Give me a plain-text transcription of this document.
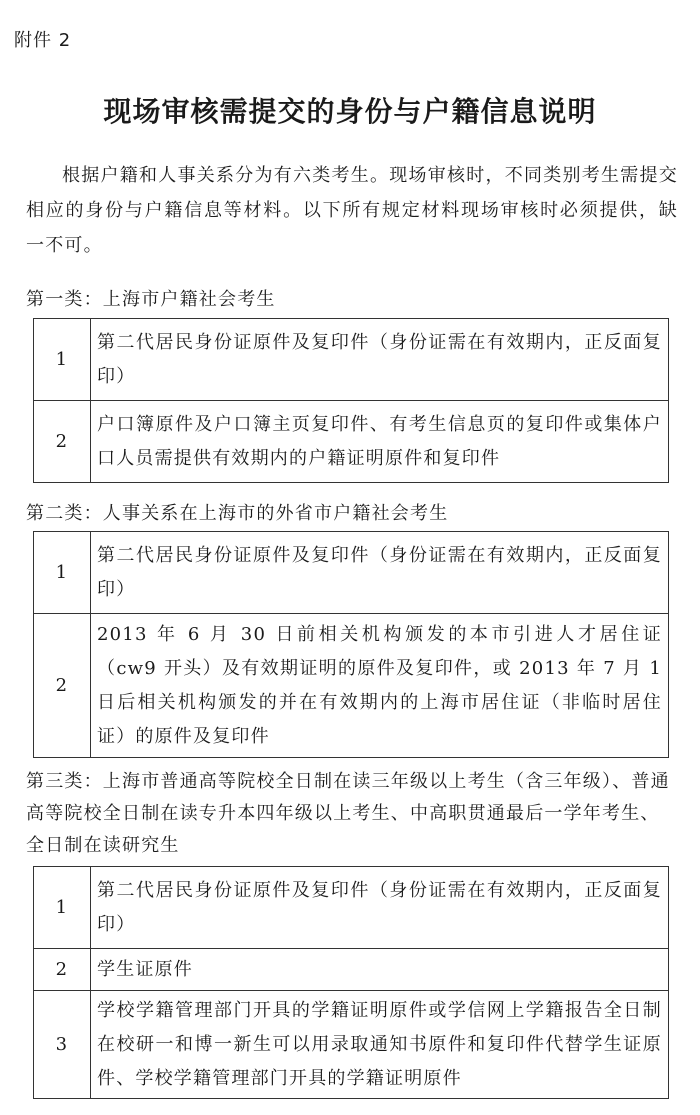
附件 2
现场审核需提交的身份与户籍信息说明
根据户籍和人事关系分为有六类考生。现场审核时，不同类别考生需提交相应的身份与户籍信息等材料。以下所有规定材料现场审核时必须提供，缺一不可。
第一类：上海市户籍社会考生
1	第二代居民身份证原件及复印件（身份证需在有效期内，正反面复印）
2	户口簿原件及户口簿主页复印件、有考生信息页的复印件或集体户口人员需提供有效期内的户籍证明原件和复印件
第二类：人事关系在上海市的外省市户籍社会考生
1	第二代居民身份证原件及复印件（身份证需在有效期内，正反面复印）
2	2013 年 6 月 30 日前相关机构颁发的本市引进人才居住证（cw9 开头）及有效期证明的原件及复印件，或 2013 年 7 月 1 日后相关机构颁发的并在有效期内的上海市居住证（非临时居住证）的原件及复印件
第三类：上海市普通高等院校全日制在读三年级以上考生（含三年级）、普通高等院校全日制在读专升本四年级以上考生、中高职贯通最后一学年考生、全日制在读研究生
1	第二代居民身份证原件及复印件（身份证需在有效期内，正反面复印）
2	学生证原件
3	学校学籍管理部门开具的学籍证明原件或学信网上学籍报告全日制在校研一和博一新生可以用录取通知书原件和复印件代替学生证原件、学校学籍管理部门开具的学籍证明原件
